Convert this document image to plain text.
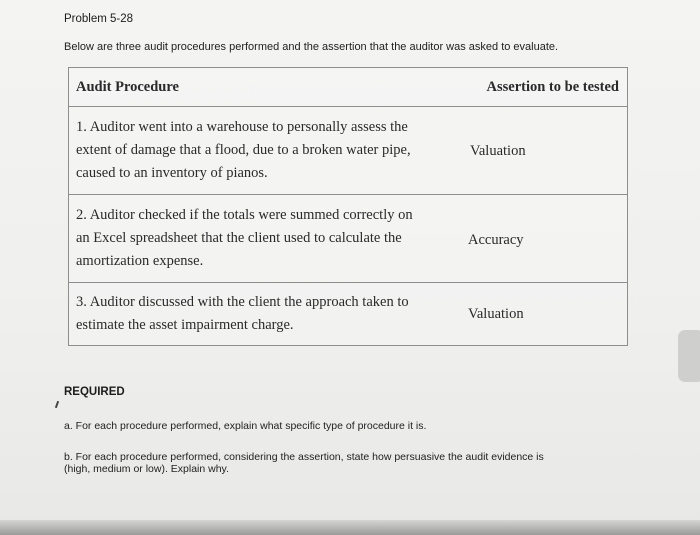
Problem 5-28
Below are three audit procedures performed and the assertion that the auditor was asked to evaluate.
Audit Procedure	Assertion to be tested
1. Auditor went into a warehouse to personally assess the
extent of damage that a flood, due to a broken water pipe,
caused to an inventory of pianos.
Valuation
2. Auditor checked if the totals were summed correctly on
an Excel spreadsheet that the client used to calculate the
amortization expense.
Accuracy
3. Auditor discussed with the client the approach taken to
estimate the asset impairment charge.
Valuation
REQUIRED
a. For each procedure performed, explain what specific type of procedure it is.
b. For each procedure performed, considering the assertion, state how persuasive the audit evidence is
(high, medium or low). Explain why.
